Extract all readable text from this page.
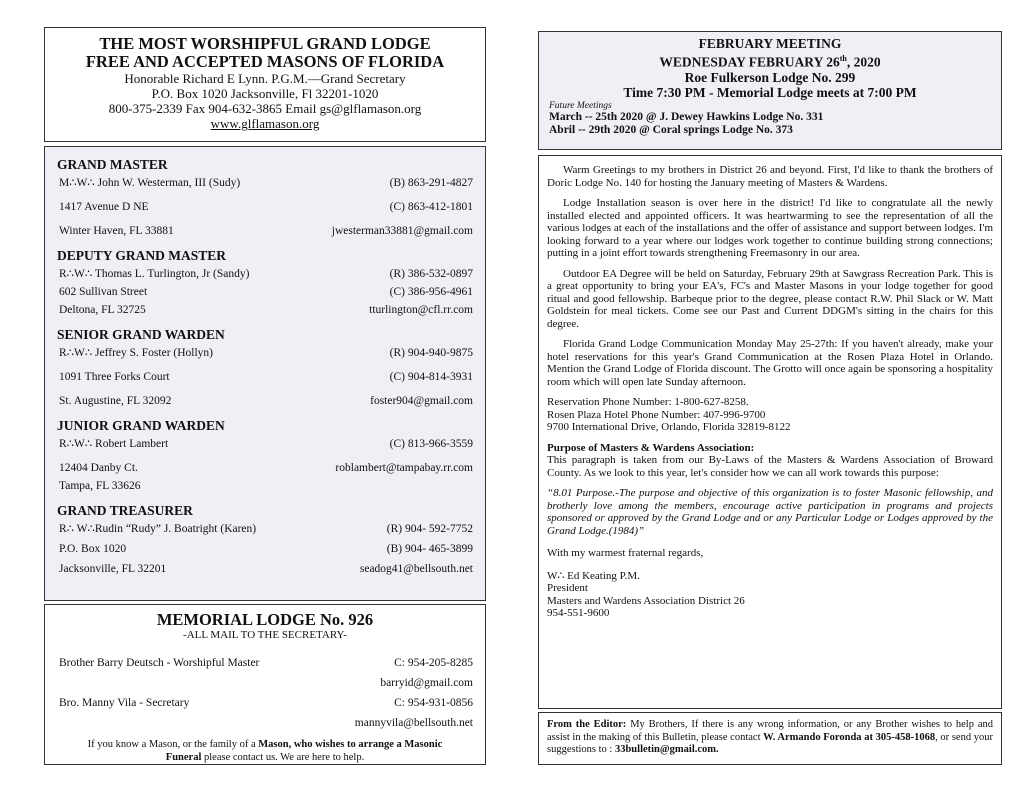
THE MOST WORSHIPFUL GRAND LODGE
FREE AND ACCEPTED MASONS OF FLORIDA
Honorable Richard E Lynn. P.G.M.—Grand Secretary
P.O. Box 1020 Jacksonville, Fl 32201-1020
800-375-2339 Fax 904-632-3865 Email gs@glflamason.org
www.glflamason.org
GRAND MASTER
M∴W∴ John W. Westerman, III (Sudy)	(B) 863-291-4827
1417 Avenue D NE	(C) 863-412-1801
Winter Haven, FL 33881	jwesterman33881@gmail.com
DEPUTY GRAND MASTER
R∴W∴ Thomas L. Turlington, Jr (Sandy)	(R) 386-532-0897
602 Sullivan Street	(C) 386-956-4961
Deltona, FL 32725	tturlington@cfl.rr.com
SENIOR GRAND WARDEN
R∴W∴ Jeffrey S. Foster (Hollyn)	(R) 904-940-9875
1091 Three Forks Court	(C) 904-814-3931
St. Augustine, FL 32092	foster904@gmail.com
JUNIOR GRAND WARDEN
R∴W∴ Robert Lambert	(C) 813-966-3559
12404 Danby Ct.	roblambert@tampabay.rr.com
Tampa, FL 33626
GRAND TREASURER
R∴ W∴Rudin “Rudy” J. Boatright (Karen)	(R) 904- 592-7752
P.O. Box 1020	(B) 904- 465-3899
Jacksonville, FL 32201	seadog41@bellsouth.net
MEMORIAL LODGE No. 926
-ALL MAIL TO THE SECRETARY-
Brother Barry Deutsch - Worshipful Master	C: 954-205-8285
barryid@gmail.com
Bro. Manny Vila - Secretary	C: 954-931-0856
mannyvila@bellsouth.net
If you know a Mason, or the family of a Mason, who wishes to arrange a Masonic
Funeral please contact us. We are here to help.
FEBRUARY MEETING
WEDNESDAY FEBRUARY 26th, 2020
Roe Fulkerson Lodge No. 299
Time 7:30 PM - Memorial Lodge meets at 7:00 PM
Future Meetings
March -- 25th 2020 @ J. Dewey Hawkins Lodge No. 331
Abril -- 29th 2020 @ Coral springs Lodge No. 373

Warm Greetings to my brothers in District 26 and beyond. First, I'd like to thank the brothers of Doric Lodge No. 140 for hosting the January meeting of Masters & Wardens.

Lodge Installation season is over here in the district! I'd like to congratulate all the newly installed elected and appointed officers. It was heartwarming to see the representation of all the various lodges at each of the installations and the offer of assistance and support between lodges. I'm looking forward to a year where our lodges work together to continue building strong connections; putting in a joint effort towards strengthening Freemasonry in our area.

Outdoor EA Degree will be held on Saturday, February 29th at Sawgrass Recreation Park. This is a great opportunity to bring your EA's, FC's and Master Masons in your lodge together for good ritual and good fellowship. Barbeque prior to the degree, please contact R.W. Phil Slack or W. Matt Goldstein for meal tickets. Come see our Past and Current DDGM's sitting in the chairs for this degree.

Florida Grand Lodge Communication Monday May 25-27th: If you haven't already, make your hotel reservations for this year's Grand Communication at the Rosen Plaza Hotel in Orlando. Mention the Grand Lodge of Florida discount. The Grotto will once again be sponsoring a hospitality room which will open late Sunday afternoon.

Reservation Phone Number: 1-800-627-8258.

Rosen Plaza Hotel Phone Number: 407-996-9700

9700 International Drive, Orlando, Florida 32819-8122

Purpose of Masters & Wardens Association:

This paragraph is taken from our By-Laws of the Masters & Wardens Association of Broward County. As we look to this year, let's consider how we can all work towards this purpose:

“8.01 Purpose.-The purpose and objective of this organization is to foster Masonic fellowship, and brotherly love among the members, encourage active participation in programs and projects sponsored or approved by the Grand Lodge and or any Particular Lodge or Lodges approved by the Grand Lodge.(1984)”

With my warmest fraternal regards,

W∴ Ed Keating P.M.

President

Masters and Wardens Association District 26

954-551-9600

From the Editor: My Brothers, If there is any wrong information, or any Brother wishes to help and assist in the making of this Bulletin, please contact W. Armando Foronda at 305-458-1068, or send your suggestions to : 33bulletin@gmail.com.
